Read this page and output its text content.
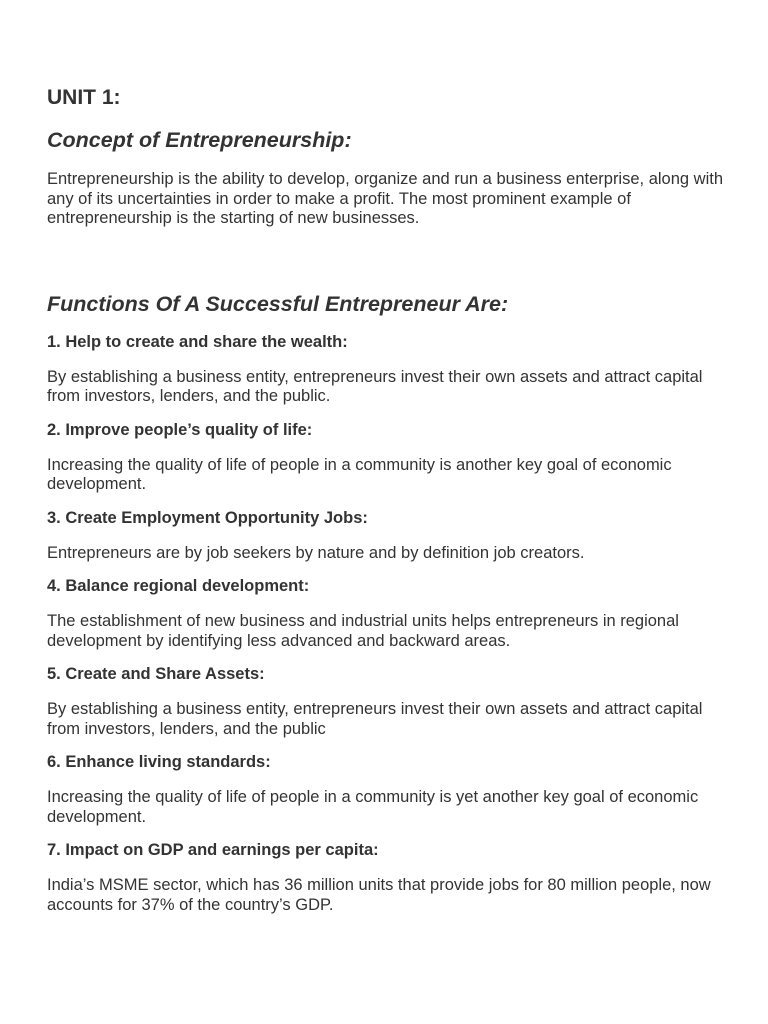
UNIT 1:
Concept of Entrepreneurship:

Entrepreneurship is the ability to develop, organize and run a business enterprise, along with any of its uncertainties in order to make a profit. The most prominent example of entrepreneurship is the starting of new businesses.

Functions Of A Successful Entrepreneur Are:

1. Help to create and share the wealth:

By establishing a business entity, entrepreneurs invest their own assets and attract capital from investors, lenders, and the public.

2. Improve people’s quality of life:

Increasing the quality of life of people in a community is another key goal of economic development.

3. Create Employment Opportunity Jobs:

Entrepreneurs are by job seekers by nature and by definition job creators.

4. Balance regional development:

The establishment of new business and industrial units helps entrepreneurs in regional development by identifying less advanced and backward areas.

5. Create and Share Assets:

By establishing a business entity, entrepreneurs invest their own assets and attract capital from investors, lenders, and the public

6. Enhance living standards:

Increasing the quality of life of people in a community is yet another key goal of economic development.

7. Impact on GDP and earnings per capita:

India’s MSME sector, which has 36 million units that provide jobs for 80 million people, now accounts for 37% of the country’s GDP.
